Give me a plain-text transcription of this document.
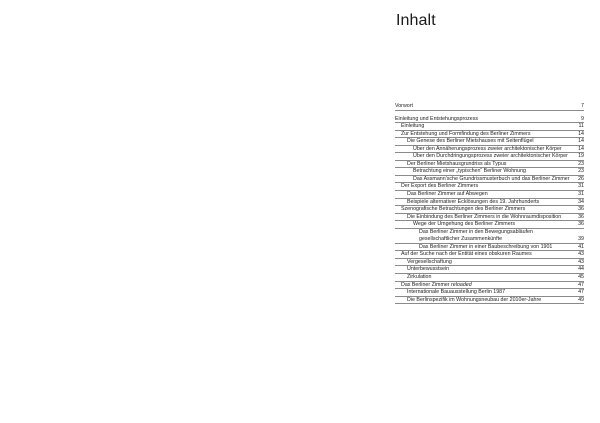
Inhalt
Vorwort	7
Einleitung und Entstehungsprozess	9
Einleitung	11
Zur Entstehung und Formfindung des Berliner Zimmers	14
Die Genese des Berliner Mietshauses mit Seitenflügel	14
Über den Annäherungsprozess zweier architektonischer Körper	14
Über den Durchdringungsprozess zweier architektonischer Körper 19
Der Berliner Mietshausgrundriss als Typus	23
Betrachtung einer „typischen“ Berliner Wohnung	23
Das Assmann’sche Grundrissmusterbuch und das Berliner Zimmer 26
Der Export des Berliner Zimmers	31
Das Berliner Zimmer auf Abwegen	31
Beispiele alternativer Ecklösungen des 19. Jahrhunderts	34
Szenografische Betrachtungen des Berliner Zimmers	36
Die Einbindung des Berliner Zimmers in die Wohnraumdisposition	36
Wege der Umgehung des Berliner Zimmers	36
Das Berliner Zimmer in den Bewegungsabläufen gesellschaftlicher Zusammenkünfte	39
Das Berliner Zimmer in einer Baubeschreibung von 1901	41
Auf der Suche nach der Entität eines obskuren Raumes	43
Vergesellschaftung	43
Unterbewusstsein	44
Zirkulation	45
Das Berliner Zimmer reloaded	47
Internationale Bauausstellung Berlin 1987	47
Die Berlinspezifik im Wohnungsneubau der 2010er-Jahre	49
